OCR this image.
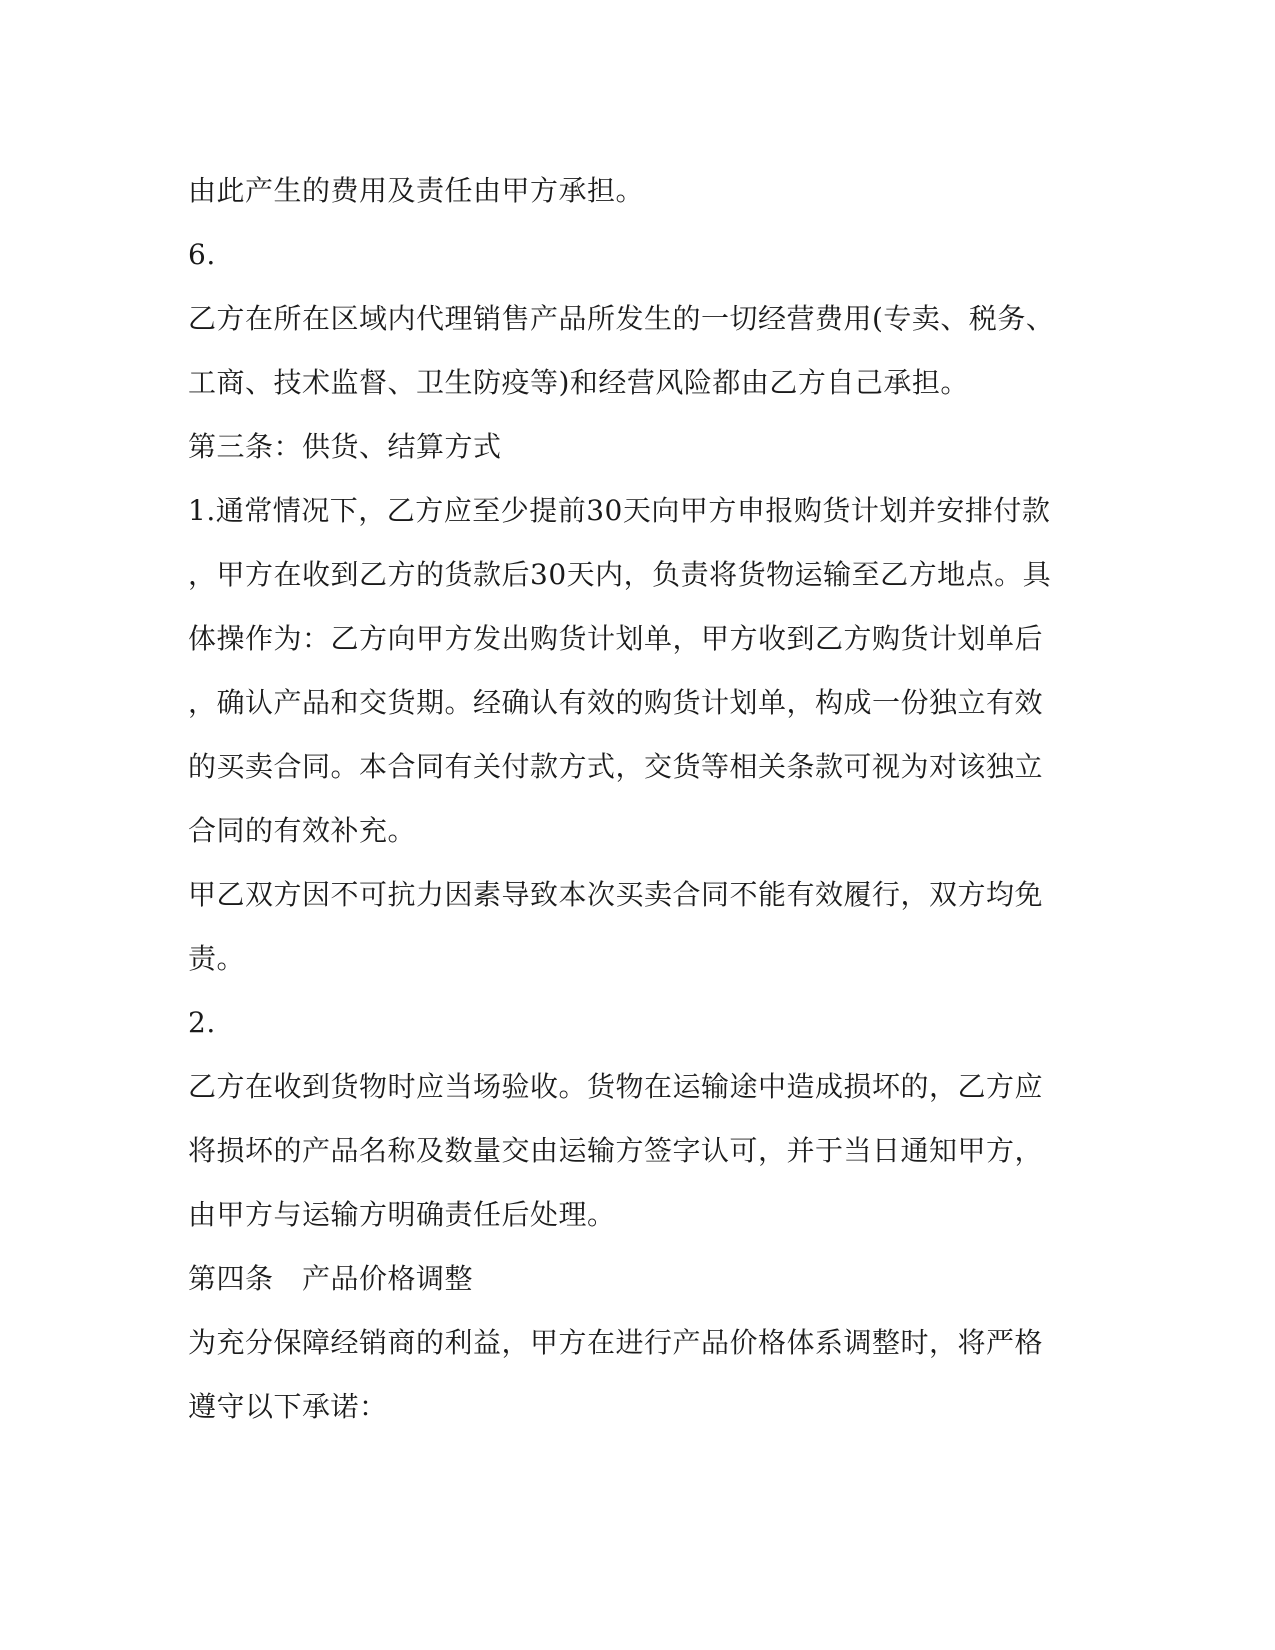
由此产生的费用及责任由甲方承担。
6.
乙方在所在区域内代理销售产品所发生的一切经营费用(专卖、税务、
工商、技术监督、卫生防疫等)和经营风险都由乙方自己承担。
第三条：供货、结算方式
1.通常情况下，乙方应至少提前30天向甲方申报购货计划并安排付款
，甲方在收到乙方的货款后30天内，负责将货物运输至乙方地点。具
体操作为：乙方向甲方发出购货计划单，甲方收到乙方购货计划单后
，确认产品和交货期。经确认有效的购货计划单，构成一份独立有效
的买卖合同。本合同有关付款方式，交货等相关条款可视为对该独立
合同的有效补充。
甲乙双方因不可抗力因素导致本次买卖合同不能有效履行，双方均免
责。
2.
乙方在收到货物时应当场验收。货物在运输途中造成损坏的，乙方应
将损坏的产品名称及数量交由运输方签字认可，并于当日通知甲方，
由甲方与运输方明确责任后处理。
第四条　产品价格调整
为充分保障经销商的利益，甲方在进行产品价格体系调整时，将严格
遵守以下承诺：
